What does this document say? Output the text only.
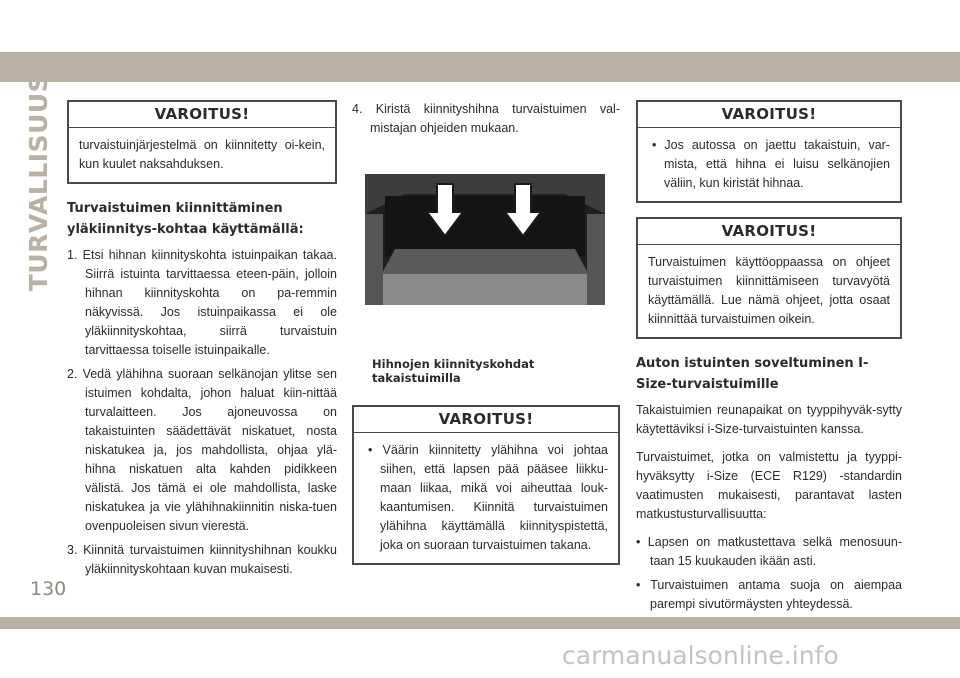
TURVALLISUUS	VAROITUS!
turvaistuinjärjestelmä on kiinnitetty oi-kein, kun kuulet naksahduksen.
Turvaistuimen kiinnittäminen yläkiinnitys-kohtaa käyttämällä:
1. Etsi hihnan kiinnityskohta istuinpaikan takaa. Siirrä istuinta tarvittaessa eteen-päin, jolloin hihnan kiinnityskohta on pa-remmin näkyvissä. Jos istuinpaikassa ei ole yläkiinnityskohtaa, siirrä turvaistuin tarvittaessa toiselle istuinpaikalle.
2. Vedä ylähihna suoraan selkänojan ylitse sen istuimen kohdalta, johon haluat kiin-nittää turvalaitteen. Jos ajoneuvossa on takaistuinten säädettävät niskatuet, nosta niskatukea ja, jos mahdollista, ohjaa ylä-hihna niskatuen alta kahden pidikkeen välistä. Jos tämä ei ole mahdollista, laske niskatukea ja vie ylähihnakiinnitin niska-tuen ovenpuoleisen sivun vierestä.
3. Kiinnitä turvaistuimen kiinnityshihnan koukku yläkiinnityskohtaan kuvan mukaisesti.
4. Kiristä kiinnityshihna turvaistuimen val-mistajan ohjeiden mukaan.
Hihnojen kiinnityskohdat takaistuimilla
VAROITUS!
• Väärin kiinnitetty ylähihna voi johtaa siihen, että lapsen pää pääsee liikku-maan liikaa, mikä voi aiheuttaa louk-kaantumisen. Kiinnitä turvaistuimen ylähihna käyttämällä kiinnityspistettä, joka on suoraan turvaistuimen takana.
VAROITUS!
• Jos autossa on jaettu takaistuin, var-mista, että hihna ei luisu selkänojien väliin, kun kiristät hihnaa.
VAROITUS!
Turvaistuimen käyttöoppaassa on ohjeet turvaistuimen kiinnittämiseen turvavyötä käyttämällä. Lue nämä ohjeet, jotta osaat kiinnittää turvaistuimen oikein.
Auton istuinten soveltuminen I-Size-turvaistuimille

Takaistuimien reunapaikat on tyyppihyväk-sytty käytettäviksi i-Size-turvaistuinten kanssa.

Turvaistuimet, jotka on valmistettu ja tyyppi-hyväksytty i-Size (ECE R129) -standardin vaatimusten mukaisesti, parantavat lasten matkustusturvallisuutta:

• Lapsen on matkustettava selkä menosuun-taan 15 kuukauden ikään asti.
• Turvaistuimen antama suoja on aiempaa parempi sivutörmäysten yhteydessä.
130
carmanualsonline.info
